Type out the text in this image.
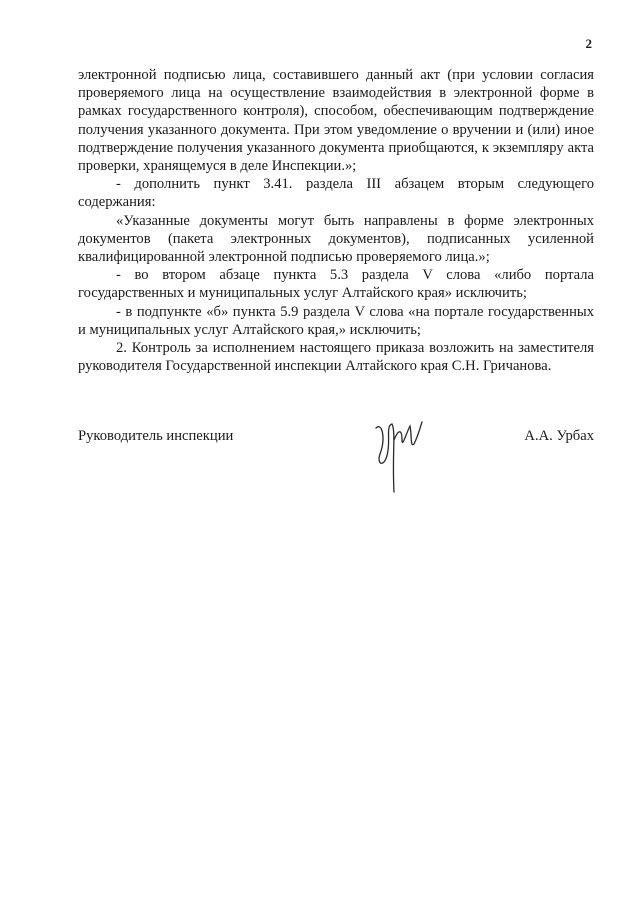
2

электронной подписью лица, составившего данный акт (при условии согласия проверяемого лица на осуществление взаимодействия в электронной форме в рамках государственного контроля), способом, обеспечивающим подтверждение получения указанного документа. При этом уведомление о вручении и (или) иное подтверждение получения указанного документа приобщаются, к экземпляру акта проверки, хранящемуся в деле Инспекции.»;

- дополнить пункт 3.41. раздела III абзацем вторым следующего содержания:

«Указанные документы могут быть направлены в форме электронных документов (пакета электронных документов), подписанных усиленной квалифицированной электронной подписью проверяемого лица.»;

- во втором абзаце пункта 5.3 раздела V слова «либо портала государственных и муниципальных услуг Алтайского края» исключить;

- в подпункте «б» пункта 5.9 раздела V слова «на портале государственных и муниципальных услуг Алтайского края,» исключить;

2. Контроль за исполнением настоящего приказа возложить на заместителя руководителя Государственной инспекции Алтайского края С.Н. Гричанова.

Руководитель инспекции	А.А. Урбах
